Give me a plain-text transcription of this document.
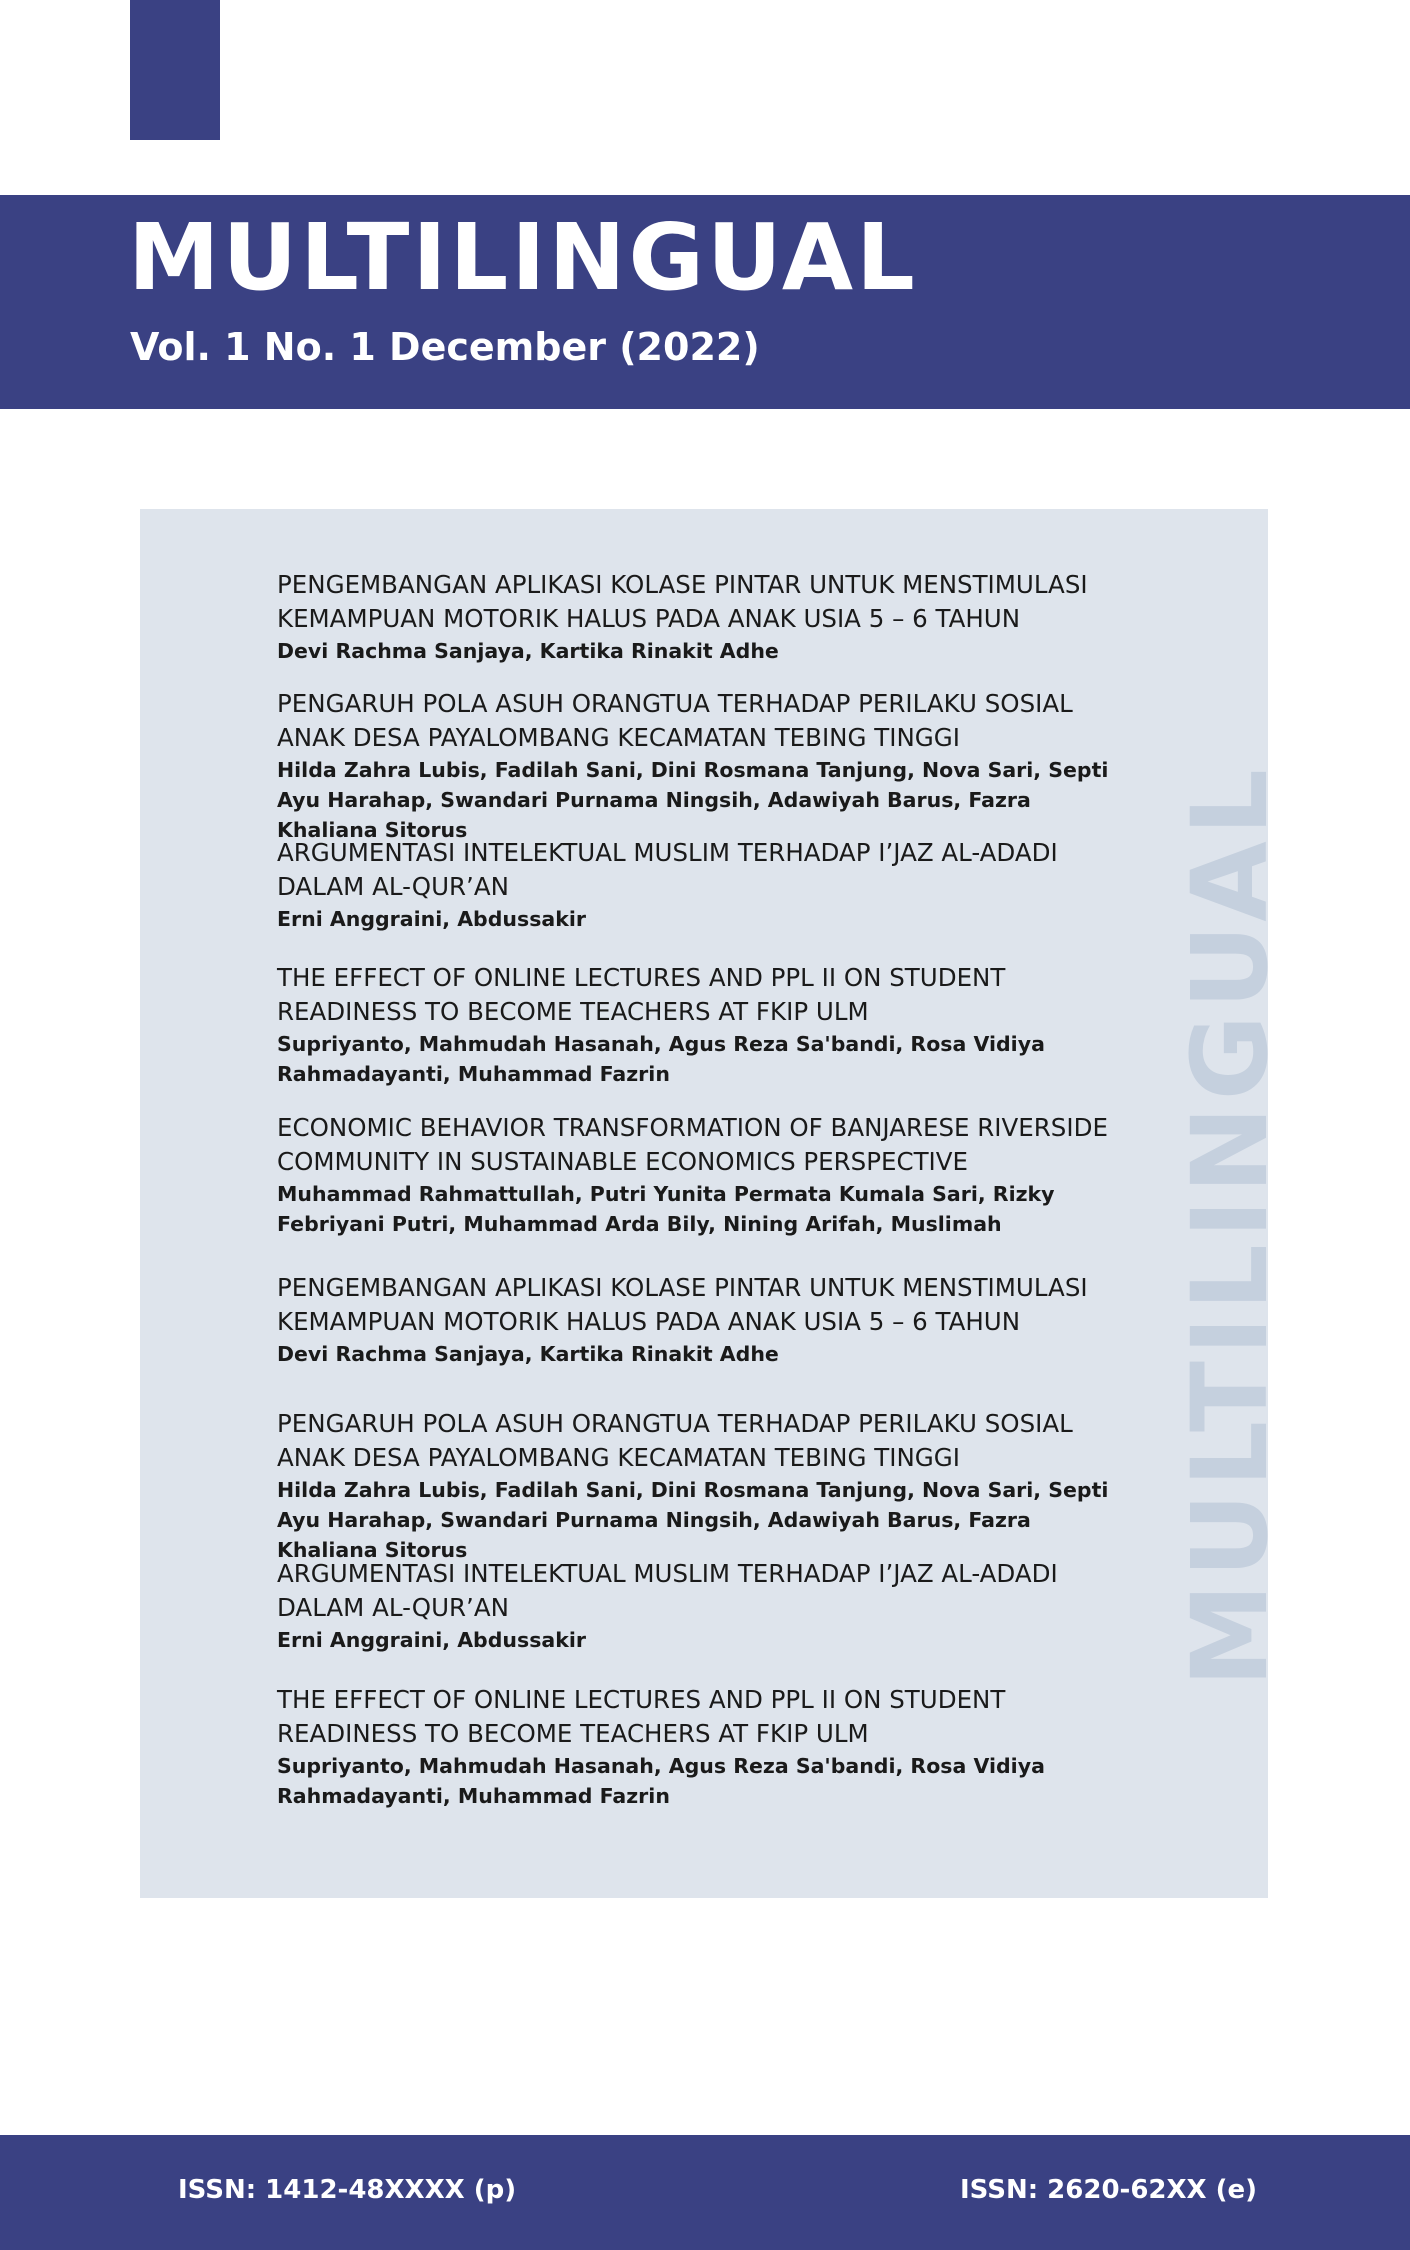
MULTILINGUAL

Vol. 1 No. 1 December (2022)

MULTILINGUAL

PENGEMBANGAN APLIKASI KOLASE PINTAR UNTUK MENSTIMULASI KEMAMPUAN MOTORIK HALUS PADA ANAK USIA 5 – 6 TAHUN

Devi Rachma Sanjaya, Kartika Rinakit Adhe

PENGARUH POLA ASUH ORANGTUA TERHADAP PERILAKU SOSIAL ANAK DESA PAYALOMBANG KECAMATAN TEBING TINGGI

Hilda Zahra Lubis, Fadilah Sani, Dini Rosmana Tanjung, Nova Sari, Septi Ayu Harahap, Swandari Purnama Ningsih, Adawiyah Barus, Fazra Khaliana Sitorus

ARGUMENTASI INTELEKTUAL MUSLIM TERHADAP I’JAZ AL-ADADI DALAM AL-QUR’AN

Erni Anggraini, Abdussakir

THE EFFECT OF ONLINE LECTURES AND PPL II ON STUDENT READINESS TO BECOME TEACHERS AT FKIP ULM

Supriyanto, Mahmudah Hasanah, Agus Reza Sa'bandi, Rosa Vidiya Rahmadayanti, Muhammad Fazrin

ECONOMIC BEHAVIOR TRANSFORMATION OF BANJARESE RIVERSIDE COMMUNITY IN SUSTAINABLE ECONOMICS PERSPECTIVE

Muhammad Rahmattullah, Putri Yunita Permata Kumala Sari, Rizky Febriyani Putri, Muhammad Arda Bily, Nining Arifah, Muslimah

PENGEMBANGAN APLIKASI KOLASE PINTAR UNTUK MENSTIMULASI KEMAMPUAN MOTORIK HALUS PADA ANAK USIA 5 – 6 TAHUN

Devi Rachma Sanjaya, Kartika Rinakit Adhe

PENGARUH POLA ASUH ORANGTUA TERHADAP PERILAKU SOSIAL ANAK DESA PAYALOMBANG KECAMATAN TEBING TINGGI

Hilda Zahra Lubis, Fadilah Sani, Dini Rosmana Tanjung, Nova Sari, Septi Ayu Harahap, Swandari Purnama Ningsih, Adawiyah Barus, Fazra Khaliana Sitorus

ARGUMENTASI INTELEKTUAL MUSLIM TERHADAP I’JAZ AL-ADADI DALAM AL-QUR’AN

Erni Anggraini, Abdussakir

THE EFFECT OF ONLINE LECTURES AND PPL II ON STUDENT READINESS TO BECOME TEACHERS AT FKIP ULM

Supriyanto, Mahmudah Hasanah, Agus Reza Sa'bandi, Rosa Vidiya Rahmadayanti, Muhammad Fazrin

ISSN: 1412-48XXXX (p)	ISSN: 2620-62XX (e)
